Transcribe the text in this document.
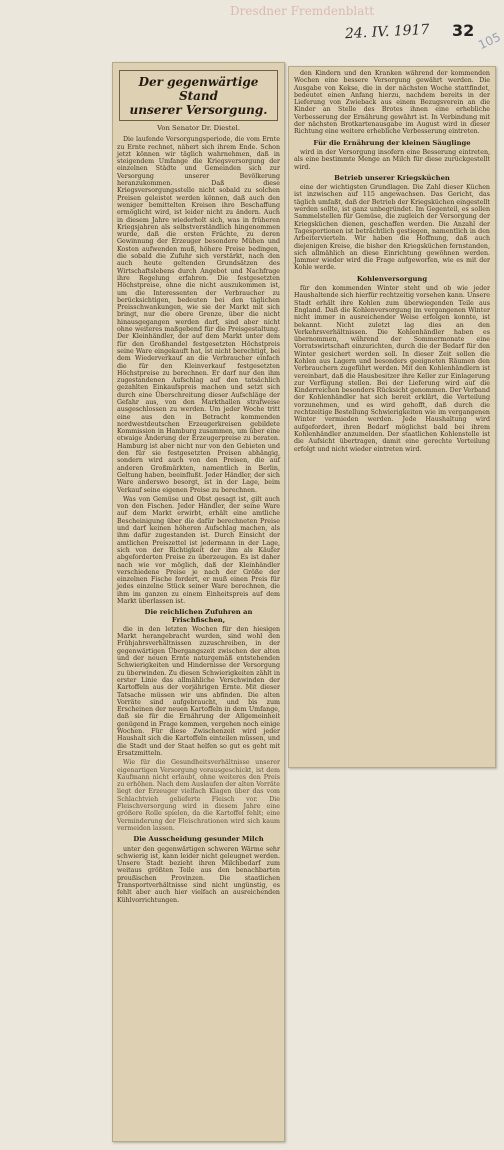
Dresdner Fremdenblatt
24. IV. 1917 32 105
Der gegenwärtige Stand
unserer Versorgung.

Von Senator Dr. Diestel.

Die laufende Versorgungsperiode, die vom Ernte zu Ernte rechnet, nähert sich ihrem Ende. Schon jetzt können wir täglich wahrnehmen, daß in steigendem Umfange die Kriegsversorgung der einzelnen Städte und Gemeinden sich zur Versorgung unserer Bevölkerung heranzukommen. Daß diese Kriegsversorgungsstelle nicht sobald zu solchen Preisen geleistet werden können, daß auch den weniger bemittelten Kreisen ihre Beschaffung ermöglicht wird, ist leider nicht zu ändern. Auch in diesem Jahre wiederholt sich, was in früheren Kriegsjahren als selbstverständlich hingenommen wurde, daß die ersten Früchte, zu deren Gewinnung der Erzeuger besondere Mühen und Kosten aufwenden muß, höhere Preise bedingen, die sobald die Zufuhr sich verstärkt, nach den auch heute geltenden Grundsätzen des Wirtschaftslebens durch Angebot und Nachfrage ihre Regelung erfahren. Die festgesetzten Höchstpreise, ohne die nicht auszukommen ist, um die Interessenten der Verbraucher zu berücksichtigen, bedeuten bei den täglichen Preisschwankungen, wie sie der Markt mit sich bringt, nur die obere Grenze, über die nicht hinausgegangen werden darf, sind aber nicht ohne weiteres maßgebend für die Preisgestaltung. Der Kleinhändler, der auf dem Markt unter dem für den Großhandel festgesetzten Höchstpreis seine Ware eingekauft hat, ist nicht berechtigt, bei dem Wiederverkauf an die Verbraucher einfach die für den Kleinverkauf festgesetzten Höchstpreise zu berechnen. Er darf nur den ihm zugestandenen Aufschlag auf den tatsächlich gezahlten Einkaufspreis machen und setzt sich durch eine Überschreitung dieser Aufschläge der Gefahr aus, von den Markthallen strafweise ausgeschlossen zu werden. Um jeder Woche tritt eine aus den in Betracht kommenden nordwestdeutschen Erzeugerkreisen gebildete Kommission in Hamburg zusammen, um über eine etwaige Änderung der Erzeugerpreise zu beraten. Hamburg ist aber nicht nur von den Gebieten und den für sie festgesetzten Preisen abhängig, sondern wird auch von den Preisen, die auf anderen Großmärkten, namentlich in Berlin, Geltung haben, beeinflußt. Jeder Händler, der sich Ware anderswo besorgt, ist in der Lage, beim Verkauf seine eigenen Preise zu berechnen.

Was von Gemüse und Obst gesagt ist, gilt auch von den Fischen. Jeder Händler, der seine Ware auf dem Markt erwirbt, erhält eine amtliche Bescheinigung über die dafür berechneten Preise und darf keinen höheren Aufschlag machen, als ihm dafür zugestanden ist. Durch Einsicht der amtlichen Preiszettel ist jedermann in der Lage, sich von der Richtigkeit der ihm als Käufer abgeforderten Preise zu überzeugen. Es ist daher nach wie vor möglich, daß der Kleinhändler verschiedene Preise je nach der Größe der einzelnen Fische fordert, er muß einen Preis für jedes einzelne Stück seiner Ware berechnen, die ihm im ganzen zu einem Einheitspreis auf dem Markt überlassen ist.

Die reichlichen Zufuhren an Frischfischen,

die in den letzten Wochen für den hiesigen Markt herangebracht wurden, sind wohl den Frühjahrsverhältnissen zuzuschreiben, in der gegenwärtigen Übergangszeit zwischen der alten und der neuen Ernte naturgemäß entstehenden Schwierigkeiten und Hindernisse der Versorgung zu überwinden. Zu diesen Schwierigkeiten zählt in erster Linie das allmähliche Verschwinden der Kartoffeln aus der vorjährigen Ernte. Mit dieser Tatsache müssen wir uns abfinden. Die alten Vorräte sind aufgebraucht, und bis zum Erscheinen der neuen Kartoffeln in dem Umfange, daß sie für die Ernährung der Allgemeinheit genügend in Frage kommen, vergehen noch einige Wochen. Für diese Zwischenzeit wird jeder Haushalt sich die Kartoffeln einteilen müssen, und die Stadt und der Staat helfen so gut es geht mit Ersatzmitteln.

Wie für die Gesundheitsverhältnisse unserer eigenartigen Versorgung vorausgeschickt, ist dem Kaufmann nicht erlaubt, ohne weiteres den Preis zu erhöhen. Nach dem Auslaufen der alten Vorräte liegt der Erzeuger vielfach Klagen über das vom Schlachtvieh gelieferte Fleisch vor. Die Fleischversorgung wird in diesem Jahre eine größere Rolle spielen, da die Kartoffel fehlt; eine Verminderung der Fleischrationen wird sich kaum vermeiden lassen.

Die Ausscheidung gesunder Milch

unter den gegenwärtigen schweren Wärme sehr schwierig ist, kann leider nicht geleugnet werden. Unsere Stadt bezieht ihren Milchbedarf zum weitaus größten Teile aus den benachbarten preußischen Provinzen. Die staatlichen Transportverhältnisse sind nicht ungünstig, es fehlt aber auch hier vielfach an ausreichenden Kühlvorrichtungen.

den Kindern und den Kranken während der kommenden Wochen eine bessere Versorgung gewährt werden. Die Ausgabe von Kekse, die in der nächsten Woche stattfindet, bedeutet einen Anfang hierzu, nachdem bereits in der Lieferung von Zwieback aus einem Bezugsverein an die Kinder an Stelle des Brotes ihnen eine erhebliche Verbesserung der Ernährung gewährt ist. In Verbindung mit der nächsten Brotkartenausgabe im August wird in dieser Richtung eine weitere erhebliche Verbesserung eintreten.

Für die Ernährung der kleinen Säuglinge

wird in der Versorgung insofern eine Besserung eintreten, als eine bestimmte Menge an Milch für diese zurückgestellt wird.

Betrieb unserer Kriegsküchen

eine der wichtigsten Grundlagen. Die Zahl dieser Küchen ist inzwischen auf 115 angewachsen. Das Gericht, das täglich umfaßt, daß der Betrieb der Kriegsküchen eingestellt werden sollte, ist ganz unbegründet. Im Gegenteil, es sollen Sammelstellen für Gemüse, die zugleich der Versorgung der Kriegsküchen dienen, geschaffen werden. Die Anzahl der Tagesportionen ist beträchtlich gestiegen, namentlich in den Arbeitervierteln. Wir haben die Hoffnung, daß auch diejenigen Kreise, die bisher den Kriegsküchen fernstanden, sich allmählich an diese Einrichtung gewöhnen werden. Jammer wieder wird die Frage aufgeworfen, wie es mit der Kohle werde.

Kohlenversorgung

für den kommenden Winter steht und ob wie jeder Haushaltende sich hierfür rechtzeitig vorsehen kann. Unsere Stadt erhält ihre Kohlen zum überwiegenden Teile aus England. Daß die Kohlenversorgung im vergangenen Winter nicht immer in ausreichender Weise erfolgen konnte, ist bekannt. Nicht zuletzt lag dies an den Verkehrsverhältnissen. Die Kohlenhändler haben es übernommen, während der Sommermonate eine Vorratswirtschaft einzurichten, durch die der Bedarf für den Winter gesichert werden soll. In dieser Zeit sollen die Kohlen aus Lagern und besonders geeigneten Räumen den Verbrauchern zugeführt werden. Mit den Kohlenhändlern ist vereinbart, daß die Hausbesitzer ihre Keller zur Einlagerung zur Verfügung stellen. Bei der Lieferung wird auf die Kinderreichen besonders Rücksicht genommen. Der Verband der Kohlenhändler hat sich bereit erklärt, die Verteilung vorzunehmen, und es wird gehofft, daß durch die rechtzeitige Bestellung Schwierigkeiten wie im vergangenen Winter vermieden werden. Jede Haushaltung wird aufgefordert, ihren Bedarf möglichst bald bei ihrem Kohlenhändler anzumelden. Der staatlichen Kohlenstelle ist die Aufsicht übertragen, damit eine gerechte Verteilung erfolgt und nicht wieder eintreten wird.
